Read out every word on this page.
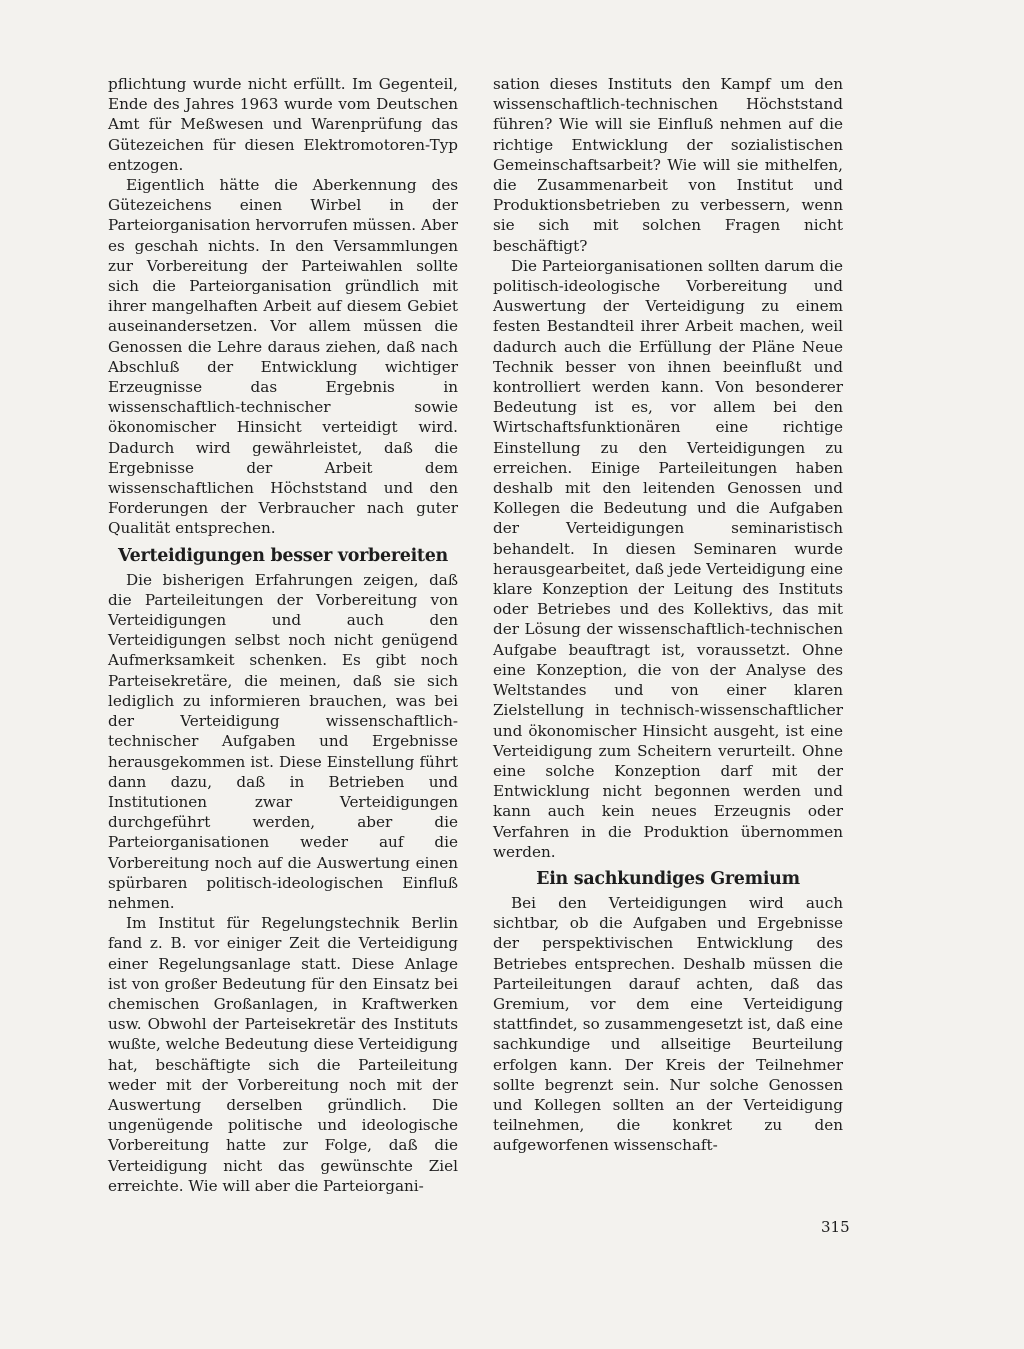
pflichtung wurde nicht erfüllt. Im Gegenteil, Ende des Jahres 1963 wurde vom Deutschen Amt für Meßwesen und Warenprüfung das Gütezeichen für diesen Elektromotoren-Typ entzogen.

Eigentlich hätte die Aberkennung des Gütezeichens einen Wirbel in der Parteiorganisation hervorrufen müssen. Aber es geschah nichts. In den Versammlungen zur Vorbereitung der Parteiwahlen sollte sich die Parteiorganisation gründlich mit ihrer mangelhaften Arbeit auf diesem Gebiet auseinandersetzen. Vor allem müssen die Genossen die Lehre daraus ziehen, daß nach Abschluß der Entwicklung wichtiger Erzeugnisse das Ergebnis in wissenschaftlich-technischer sowie ökonomischer Hinsicht verteidigt wird. Dadurch wird gewährleistet, daß die Ergebnisse der Arbeit dem wissenschaftlichen Höchststand und den Forderungen der Verbraucher nach guter Qualität entsprechen.

Verteidigungen besser vorbereiten

Die bisherigen Erfahrungen zeigen, daß die Parteileitungen der Vorbereitung von Verteidigungen und auch den Verteidigungen selbst noch nicht genügend Aufmerksamkeit schenken. Es gibt noch Parteisekretäre, die meinen, daß sie sich lediglich zu informieren brauchen, was bei der Verteidigung wissenschaftlich-technischer Aufgaben und Ergebnisse herausgekommen ist. Diese Einstellung führt dann dazu, daß in Betrieben und Institutionen zwar Verteidigungen durchgeführt werden, aber die Parteiorganisationen weder auf die Vorbereitung noch auf die Auswertung einen spürbaren politisch-ideologischen Einfluß nehmen.

Im Institut für Regelungstechnik Berlin fand z. B. vor einiger Zeit die Verteidigung einer Regelungsanlage statt. Diese Anlage ist von großer Bedeutung für den Einsatz bei chemischen Großanlagen, in Kraftwerken usw. Obwohl der Parteisekretär des Instituts wußte, welche Bedeutung diese Verteidigung hat, beschäftigte sich die Parteileitung weder mit der Vorbereitung noch mit der Auswertung derselben gründlich. Die ungenügende politische und ideologische Vorbereitung hatte zur Folge, daß die Verteidigung nicht das gewünschte Ziel erreichte. Wie will aber die Parteiorgani-

sation dieses Instituts den Kampf um den wissenschaftlich-technischen Höchststand führen? Wie will sie Einfluß nehmen auf die richtige Entwicklung der sozialistischen Gemeinschaftsarbeit? Wie will sie mithelfen, die Zusammenarbeit von Institut und Produktionsbetrieben zu verbessern, wenn sie sich mit solchen Fragen nicht beschäftigt?

Die Parteiorganisationen sollten darum die politisch-ideologische Vorbereitung und Auswertung der Verteidigung zu einem festen Bestandteil ihrer Arbeit machen, weil dadurch auch die Erfüllung der Pläne Neue Technik besser von ihnen beeinflußt und kontrolliert werden kann. Von besonderer Bedeutung ist es, vor allem bei den Wirtschaftsfunktionären eine richtige Einstellung zu den Verteidigungen zu erreichen. Einige Parteileitungen haben deshalb mit den leitenden Genossen und Kollegen die Bedeutung und die Aufgaben der Verteidigungen seminaristisch behandelt. In diesen Seminaren wurde herausgearbeitet, daß jede Verteidigung eine klare Konzeption der Leitung des Instituts oder Betriebes und des Kollektivs, das mit der Lösung der wissenschaftlich-technischen Aufgabe beauftragt ist, voraussetzt. Ohne eine Konzeption, die von der Analyse des Weltstandes und von einer klaren Zielstellung in technisch-wissenschaftlicher und ökonomischer Hinsicht ausgeht, ist eine Verteidigung zum Scheitern verurteilt. Ohne eine solche Konzeption darf mit der Entwicklung nicht begonnen werden und kann auch kein neues Erzeugnis oder Verfahren in die Produktion übernommen werden.

Ein sachkundiges Gremium

Bei den Verteidigungen wird auch sichtbar, ob die Aufgaben und Ergebnisse der perspektivischen Entwicklung des Betriebes entsprechen. Deshalb müssen die Parteileitungen darauf achten, daß das Gremium, vor dem eine Verteidigung stattfindet, so zusammengesetzt ist, daß eine sachkundige und allseitige Beurteilung erfolgen kann. Der Kreis der Teilnehmer sollte begrenzt sein. Nur solche Genossen und Kollegen sollten an der Verteidigung teilnehmen, die konkret zu den aufgeworfenen wissenschaft-

315
